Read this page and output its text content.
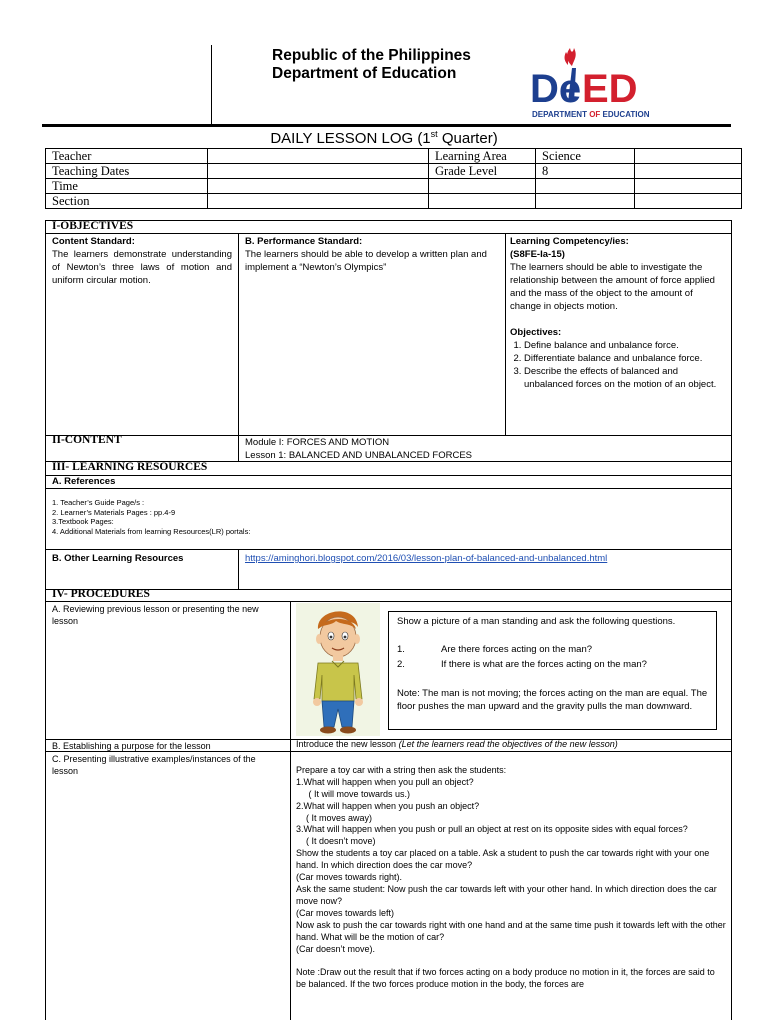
Republic of the Philippines
Department of Education De ED
DEPARTMENT OF EDUCATION
DAILY LESSON LOG (1st Quarter)
Teacher		Learning Area	Science	
Teaching Dates		Grade Level	8	
Time				
Section				
I-OBJECTIVES
Content Standard:
The learners demonstrate understanding of Newton’s three laws of motion and uniform circular motion.
B. Performance Standard:
The learners should be able to develop a written plan and implement a “Newton’s Olympics”
Learning Competency/ies:
(S8FE-Ia-15)
The learners should be able to investigate the relationship between the amount of force applied and the mass of the object to the amount of change in objects motion.
Objectives:
1. Define balance and unbalance force.
2. Differentiate balance and unbalance force.
3. Describe the effects of balanced and unbalanced forces on the motion of an object.
II-CONTENT	Module I: FORCES AND MOTION
Lesson 1: BALANCED AND UNBALANCED FORCES
III- LEARNING RESOURCES
A. References
1. Teacher’s Guide Page/s :
2. Learner’s Materials Pages : pp.4-9
3.Textbook Pages:
4. Additional Materials from learning Resources(LR) portals:
B. Other Learning Resources	https://aminghori.blogspot.com/2016/03/lesson-plan-of-balanced-and-unbalanced.html
IV- PROCEDURES
A. Reviewing previous lesson or presenting the new lesson	Show a picture of a man standing and ask the following questions.
1.	Are there forces acting on the man?
2.	If there is what are the forces acting on the man?
Note: The man is not moving; the forces acting on the man are equal. The floor pushes the man upward and the gravity pulls the man downward.
B. Establishing a purpose for the lesson	Introduce the new lesson (Let the learners read the objectives of the new lesson)
C. Presenting illustrative examples/instances of the lesson	Prepare a toy car with a string then ask the students:
1.What will happen when you pull an object?
( It will move towards us.)
2.What will happen when you push an object?
( It moves away)
3.What will happen when you push or pull an object at rest on its opposite sides with equal forces?
( It doesn’t move)
Show the students a toy car placed on a table. Ask a student to push the car towards right with your one hand. In which direction does the car move?
(Car moves towards right).
Ask the same student: Now push the car towards left with your other hand. In which direction does the car move now?
(Car moves towards left)
Now ask to push the car towards right with one hand and at the same time push it towards left with the other hand. What will be the motion of car?
(Car doesn’t move).
Note :Draw out the result that if two forces acting on a body produce no motion in it, the forces are said to be balanced. If the two forces produce motion in the body, the forces are
